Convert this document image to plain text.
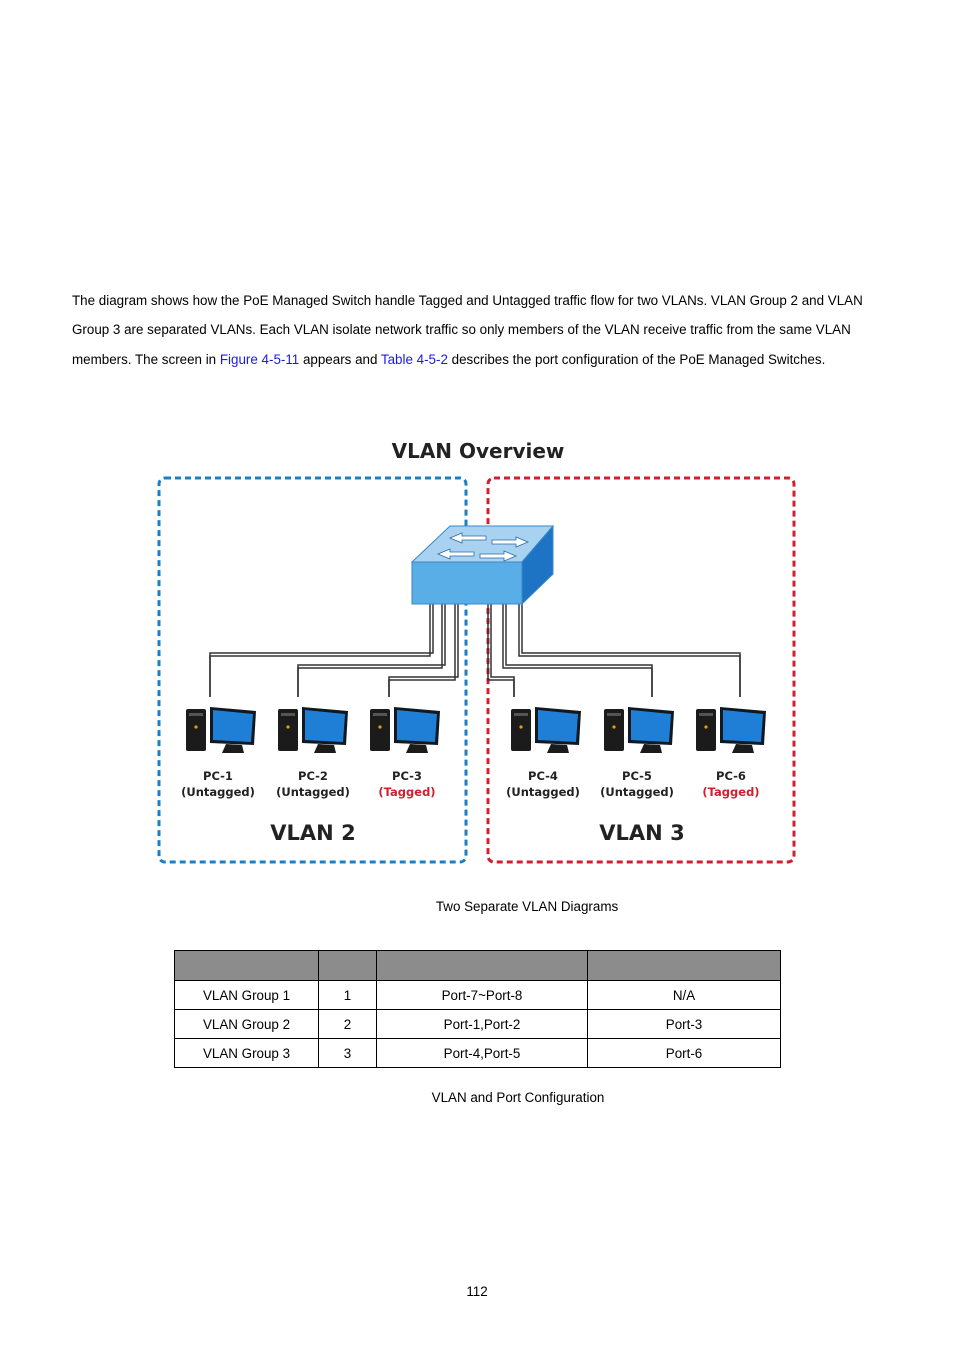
The diagram shows how the PoE Managed Switch handle Tagged and Untagged traffic flow for two VLANs. VLAN Group 2 and VLAN Group 3 are separated VLANs. Each VLAN isolate network traffic so only members of the VLAN receive traffic from the same VLAN members. The screen in Figure 4-5-11 appears and Table 4-5-2 describes the port configuration of the PoE Managed Switches.
VLAN Overview
PC-1
(Untagged)
PC-2
(Untagged)
PC-3
(Tagged)
PC-4
(Untagged)
PC-5
(Untagged)
PC-6
(Tagged)
VLAN 2	VLAN 3
Two Separate VLAN Diagrams

VLAN Group 1	1	Port-7~Port-8	N/A
VLAN Group 2	2	Port-1,Port-2	Port-3
VLAN Group 3	3	Port-4,Port-5	Port-6
VLAN and Port Configuration
112
